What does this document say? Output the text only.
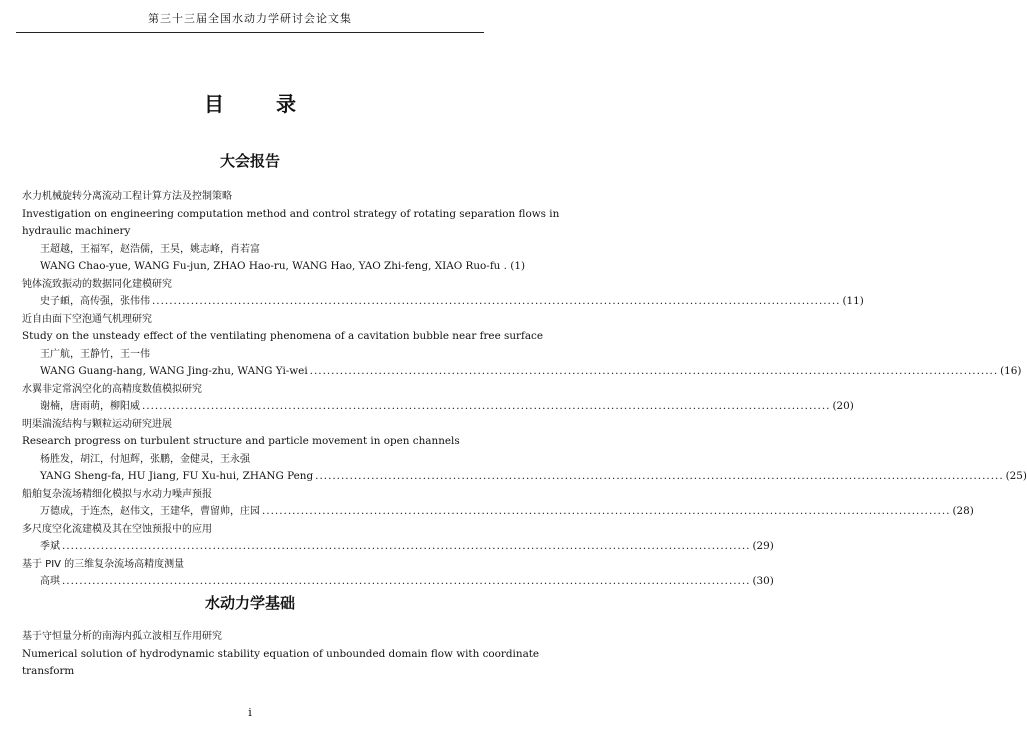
第三十三届全国水动力学研讨会论文集
目录
大会报告
水力机械旋转分离流动工程计算方法及控制策略
Investigation on engineering computation method and control strategy of rotating separation flows in
hydraulic machinery
王超越，王福军，赵浩儒，王昊，姚志峰，肖若富
WANG Chao-yue, WANG Fu-jun, ZHAO Hao-ru, WANG Hao, YAO Zhi-feng, XIAO Ruo-fu . (1)
钝体流致振动的数据同化建模研究
史子頔，高传强，张伟伟 .....	(11)
近自由面下空泡通气机理研究
Study on the unsteady effect of the ventilating phenomena of a cavitation bubble near free surface
王广航，王静竹，王一伟
WANG Guang-hang, WANG Jing-zhu, WANG Yi-wei .....	(16)
水翼非定常涡空化的高精度数值模拟研究
谢楠，唐雨萌，柳阳威 .....	(20)
明渠湍流结构与颗粒运动研究进展
Research progress on turbulent structure and particle movement in open channels
杨胜发，胡江，付旭辉，张鹏，金健灵，王永强
YANG Sheng-fa, HU Jiang, FU Xu-hui, ZHANG Peng .....	(25)
船舶复杂流场精细化模拟与水动力噪声预报
万德成，于连杰，赵伟文，王建华，曹留帅，庄园 .....	(28)
多尺度空化流建模及其在空蚀预报中的应用
季斌 .....	(29)
基于 PIV 的三维复杂流场高精度测量
高琪 .....	(30)
水动力学基础
基于守恒量分析的南海内孤立波相互作用研究
Numerical solution of hydrodynamic stability equation of unbounded domain flow with coordinate
transform
i
